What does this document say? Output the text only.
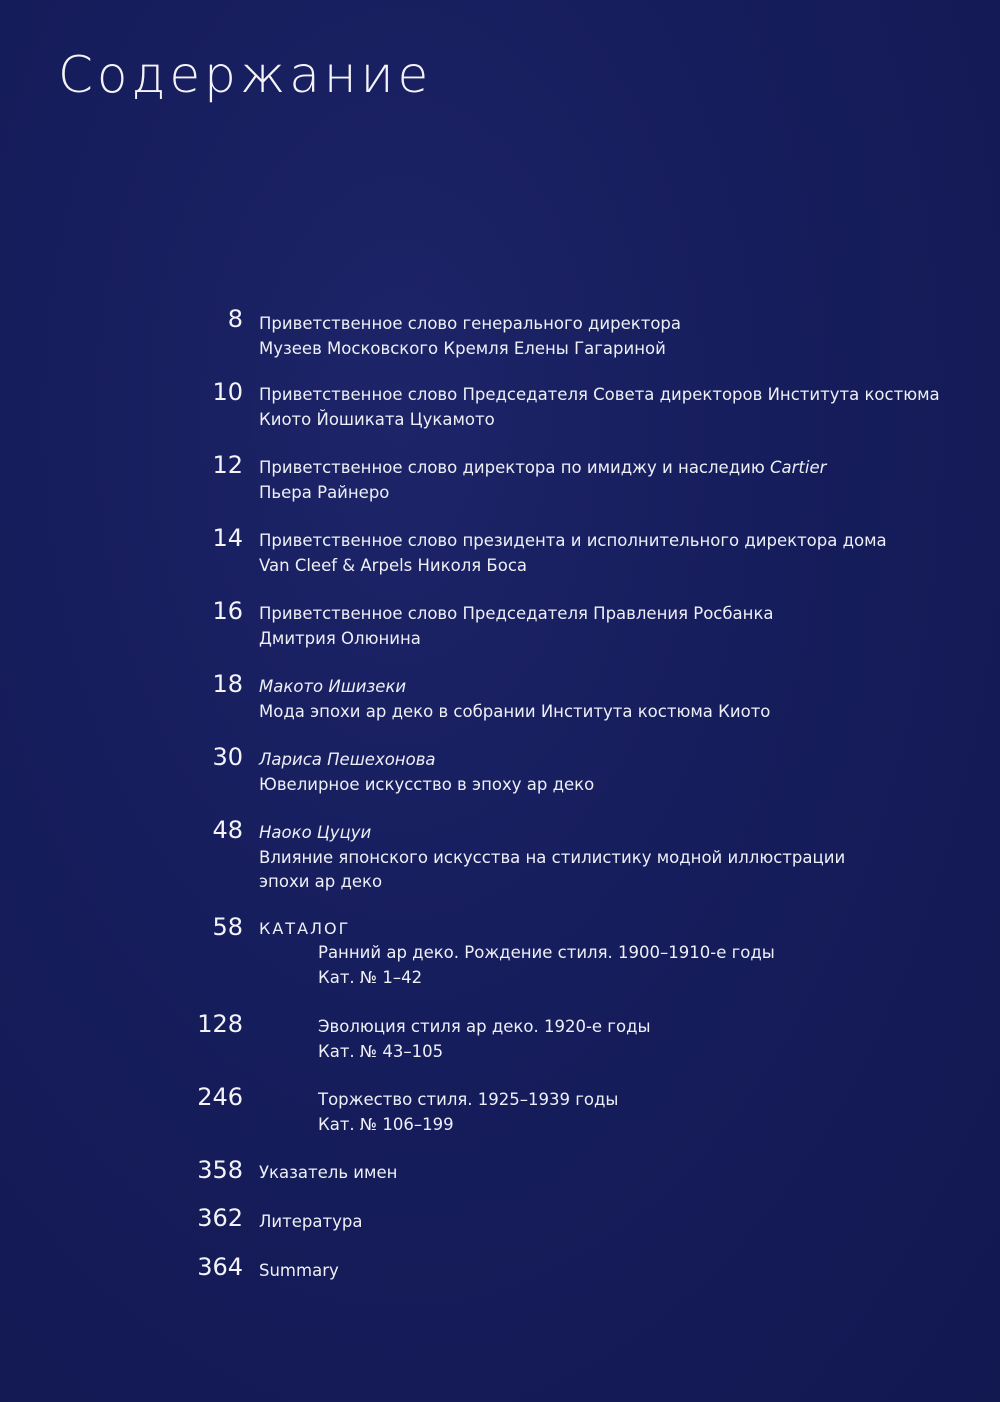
Содержание
8 Приветственное слово генерального директора
Музеев Московского Кремля Елены Гагариной
10 Приветственное слово Председателя Совета директоров Института костюма
Киото Йошиката Цукамото
12 Приветственное слово директора по имиджу и наследию Cartier
Пьера Райнеро
14 Приветственное слово президента и исполнительного директора дома
Van Cleef & Arpels Николя Боса
16 Приветственное слово Председателя Правления Росбанка
Дмитрия Олюнина
18 Макото Ишизеки
Мода эпохи ар деко в собрании Института костюма Киото
30 Лариса Пешехонова
Ювелирное искусство в эпоху ар деко
48 Наоко Цуцуи
Влияние японского искусства на стилистику модной иллюстрации
эпохи ар деко
58 КАТАЛОГ
Ранний ар деко. Рождение стиля. 1900–1910-е годы
Кат. № 1–42
128	Эволюция стиля ар деко. 1920-е годы
Кат. № 43–105
246	Торжество стиля. 1925–1939 годы
Кат. № 106–199
358 Указатель имен
362 Литература
364 Summary
